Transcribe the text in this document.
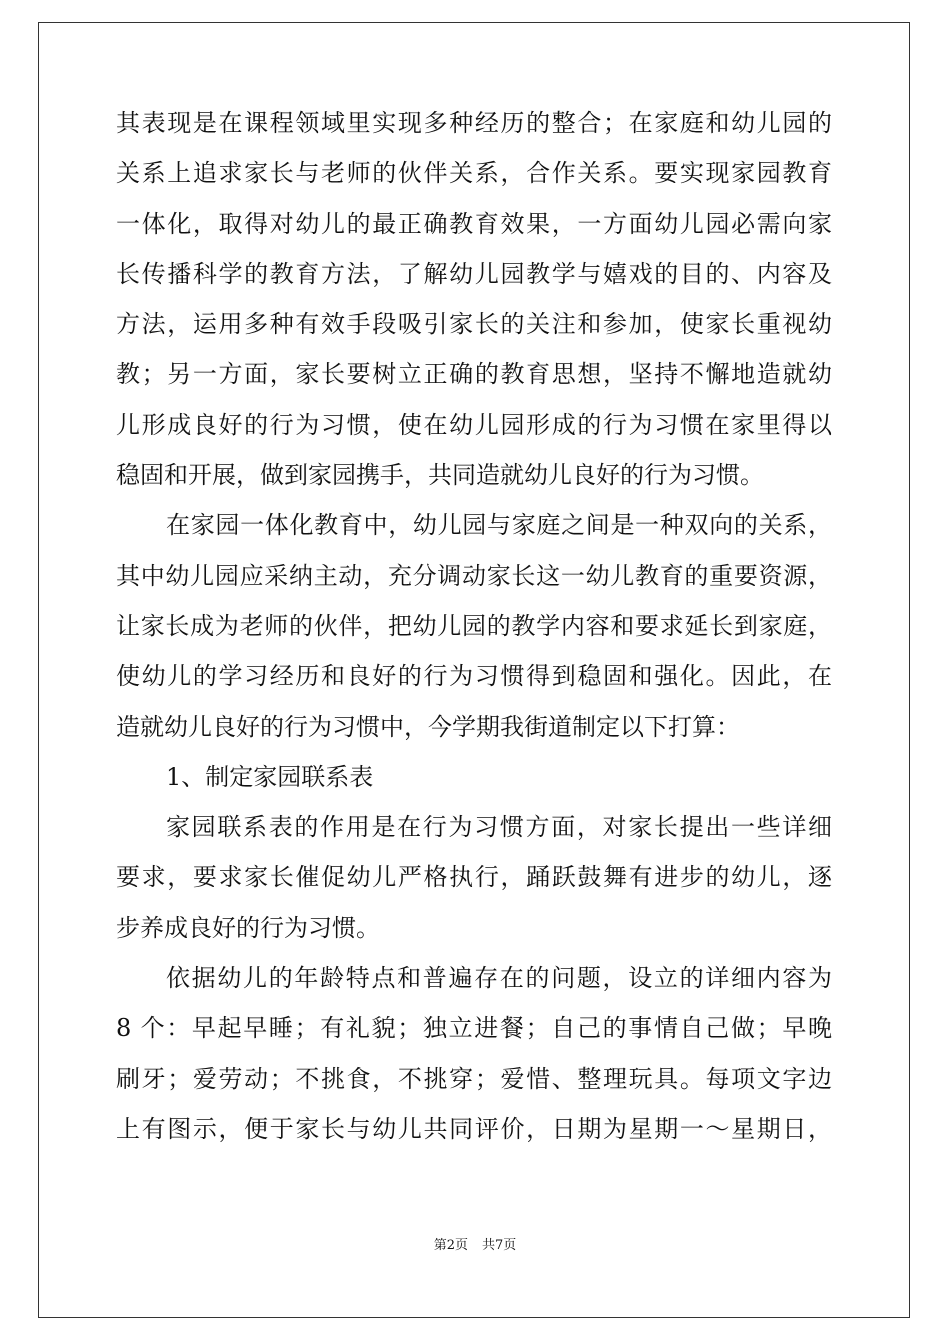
其表现是在课程领域里实现多种经历的整合；在家庭和幼儿园的
关系上追求家长与老师的伙伴关系，合作关系。要实现家园教育
一体化，取得对幼儿的最正确教育效果，一方面幼儿园必需向家
长传播科学的教育方法，了解幼儿园教学与嬉戏的目的、内容及
方法，运用多种有效手段吸引家长的关注和参加，使家长重视幼
教；另一方面，家长要树立正确的教育思想，坚持不懈地造就幼
儿形成良好的行为习惯，使在幼儿园形成的行为习惯在家里得以
稳固和开展，做到家园携手，共同造就幼儿良好的行为习惯。
在家园一体化教育中，幼儿园与家庭之间是一种双向的关系，
其中幼儿园应采纳主动，充分调动家长这一幼儿教育的重要资源，
让家长成为老师的伙伴，把幼儿园的教学内容和要求延长到家庭，
使幼儿的学习经历和良好的行为习惯得到稳固和强化。因此，在
造就幼儿良好的行为习惯中，今学期我街道制定以下打算：
1、制定家园联系表
家园联系表的作用是在行为习惯方面，对家长提出一些详细
要求，要求家长催促幼儿严格执行，踊跃鼓舞有进步的幼儿，逐
步养成良好的行为习惯。
依据幼儿的年龄特点和普遍存在的问题，设立的详细内容为
8 个：早起早睡；有礼貌；独立进餐；自己的事情自己做；早晚
刷牙；爱劳动；不挑食，不挑穿；爱惜、整理玩具。每项文字边
上有图示，便于家长与幼儿共同评价，日期为星期一～星期日，
第2页 共7页
